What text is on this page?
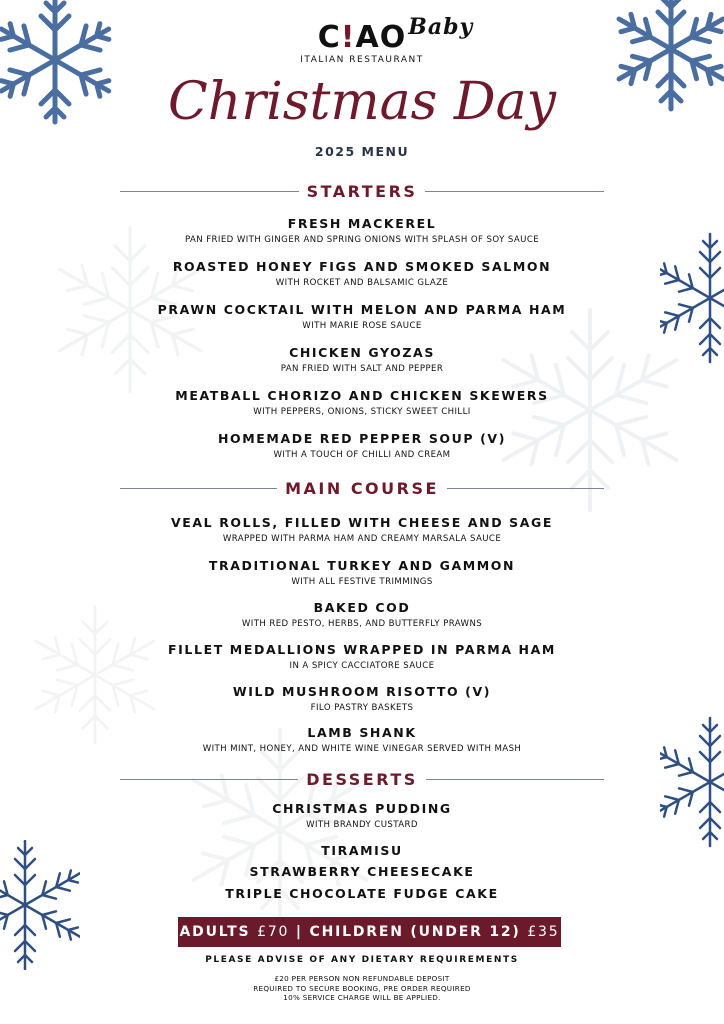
C!AO Baby
ITALIAN RESTAURANT
Christmas Day
2025 MENU
STARTERS
FRESH MACKEREL
PAN FRIED WITH GINGER AND SPRING ONIONS WITH SPLASH OF SOY SAUCE
ROASTED HONEY FIGS AND SMOKED SALMON
WITH ROCKET AND BALSAMIC GLAZE
PRAWN COCKTAIL WITH MELON AND PARMA HAM
WITH MARIE ROSE SAUCE
CHICKEN GYOZAS
PAN FRIED WITH SALT AND PEPPER
MEATBALL CHORIZO AND CHICKEN SKEWERS
WITH PEPPERS, ONIONS, STICKY SWEET CHILLI
HOMEMADE RED PEPPER SOUP (V)
WITH A TOUCH OF CHILLI AND CREAM
MAIN COURSE
VEAL ROLLS, FILLED WITH CHEESE AND SAGE
WRAPPED WITH PARMA HAM AND CREAMY MARSALA SAUCE
TRADITIONAL TURKEY AND GAMMON
WITH ALL FESTIVE TRIMMINGS
BAKED COD
WITH RED PESTO, HERBS, AND BUTTERFLY PRAWNS
FILLET MEDALLIONS WRAPPED IN PARMA HAM
IN A SPICY CACCIATORE SAUCE
WILD MUSHROOM RISOTTO (V)
FILO PASTRY BASKETS
LAMB SHANK
WITH MINT, HONEY, AND WHITE WINE VINEGAR SERVED WITH MASH
DESSERTS
CHRISTMAS PUDDING
WITH BRANDY CUSTARD
TIRAMISU
STRAWBERRY CHEESECAKE
TRIPLE CHOCOLATE FUDGE CAKE
ADULTS
£70
|
CHILDREN (UNDER 12)
£35
PLEASE ADVISE OF ANY DIETARY REQUIREMENTS
£20 PER PERSON NON REFUNDABLE DEPOSIT
REQUIRED TO SECURE BOOKING, PRE ORDER REQUIRED
10% SERVICE CHARGE WILL BE APPLIED.
